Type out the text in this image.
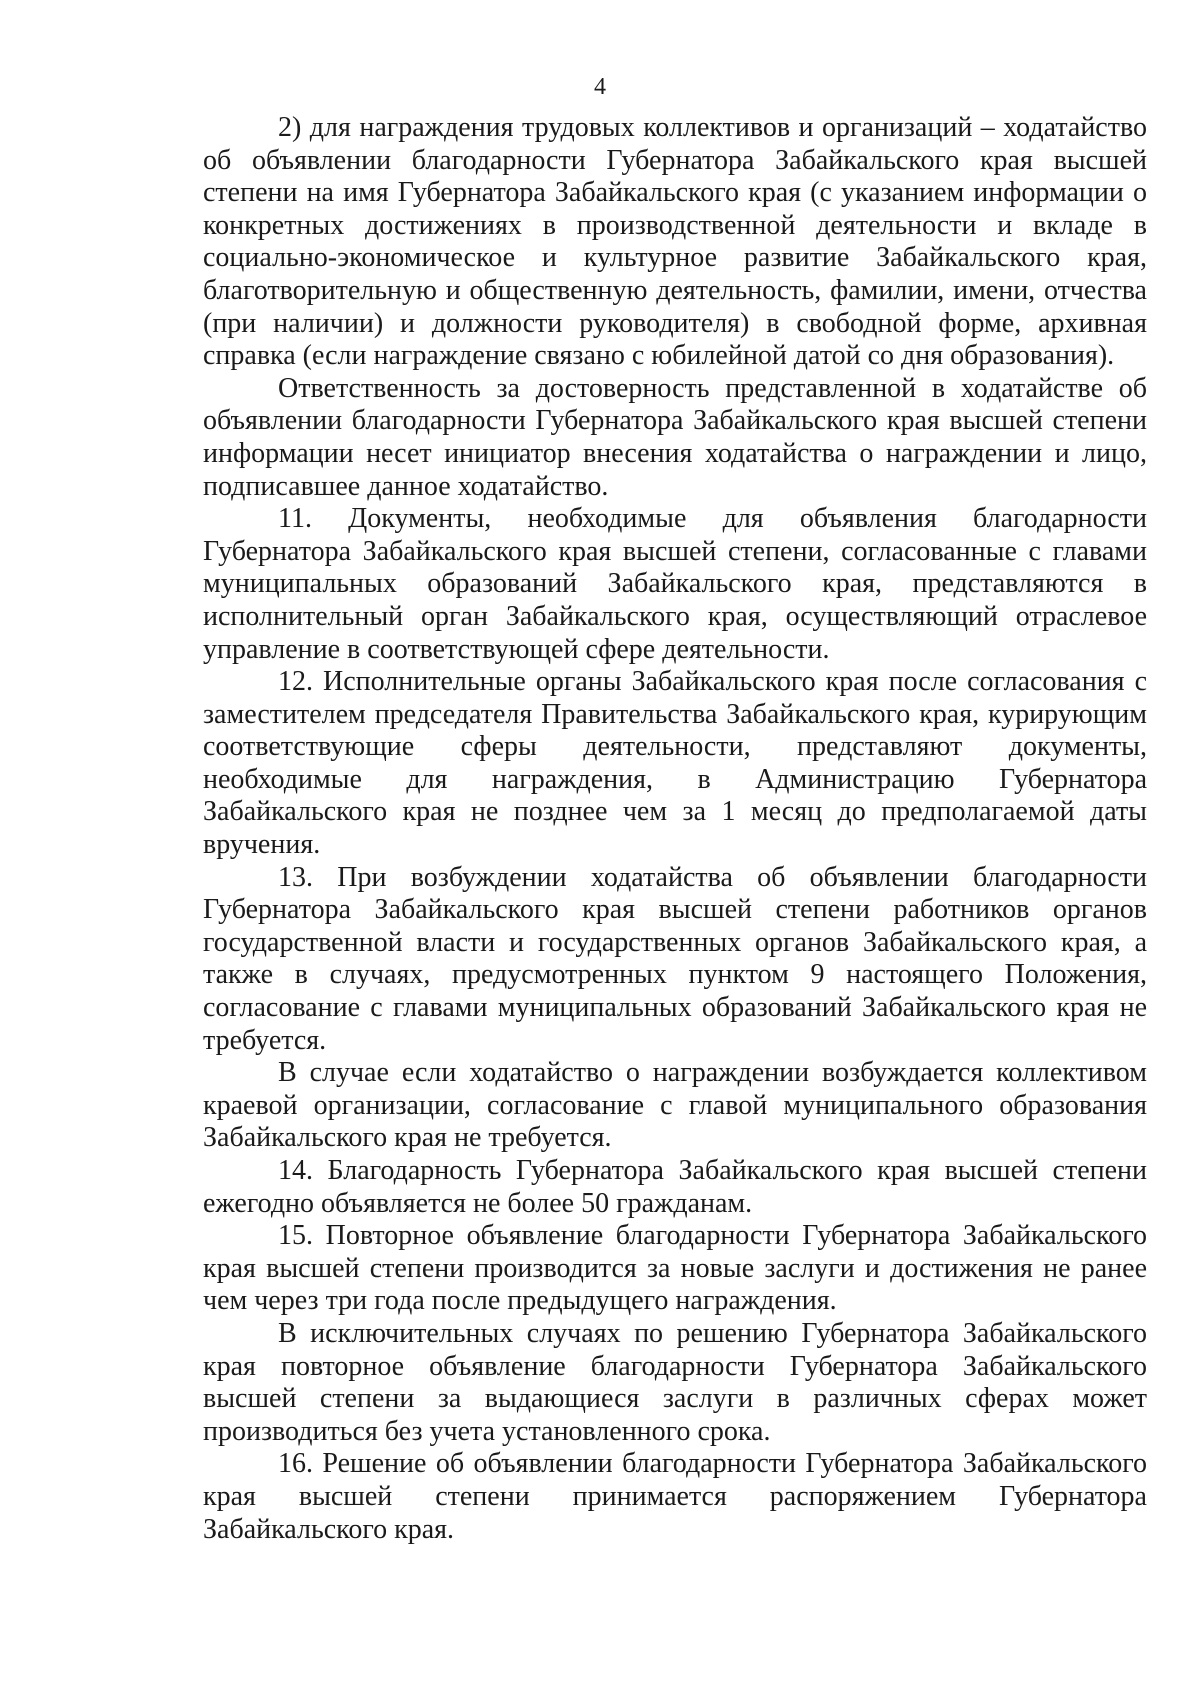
4

2) для награждения трудовых коллективов и организаций – ходатайство об объявлении благодарности Губернатора Забайкальского края высшей степени на имя Губернатора Забайкальского края (с указанием информации о конкретных достижениях в производственной деятельности и вкладе в социально-экономическое и культурное развитие Забайкальского края, благотворительную и общественную деятельность, фамилии, имени, отчества (при наличии) и должности руководителя) в свободной форме, архивная справка (если награждение связано с юбилейной датой со дня образования).

Ответственность за достоверность представленной в ходатайстве об объявлении благодарности Губернатора Забайкальского края высшей степени информации несет инициатор внесения ходатайства о награждении и лицо, подписавшее данное ходатайство.

11. Документы, необходимые для объявления благодарности Губернатора Забайкальского края высшей степени, согласованные с главами муниципальных образований Забайкальского края, представляются в исполнительный орган Забайкальского края, осуществляющий отраслевое управление в соответствующей сфере деятельности.

12. Исполнительные органы Забайкальского края после согласования с заместителем председателя Правительства Забайкальского края, курирующим соответствующие сферы деятельности, представляют документы, необходимые для награждения, в Администрацию Губернатора Забайкальского края не позднее чем за 1 месяц до предполагаемой даты вручения.

13. При возбуждении ходатайства об объявлении благодарности Губернатора Забайкальского края высшей степени работников органов государственной власти и государственных органов Забайкальского края, а также в случаях, предусмотренных пунктом 9 настоящего Положения, согласование с главами муниципальных образований Забайкальского края не требуется.

В случае если ходатайство о награждении возбуждается коллективом краевой организации, согласование с главой муниципального образования Забайкальского края не требуется.

14. Благодарность Губернатора Забайкальского края высшей степени ежегодно объявляется не более 50 гражданам.

15. Повторное объявление благодарности Губернатора Забайкальского края высшей степени производится за новые заслуги и достижения не ранее чем через три года после предыдущего награждения.

В исключительных случаях по решению Губернатора Забайкальского края повторное объявление благодарности Губернатора Забайкальского высшей степени за выдающиеся заслуги в различных сферах может производиться без учета установленного срока.

16. Решение об объявлении благодарности Губернатора Забайкальского края высшей степени принимается распоряжением Губернатора Забайкальского края.
